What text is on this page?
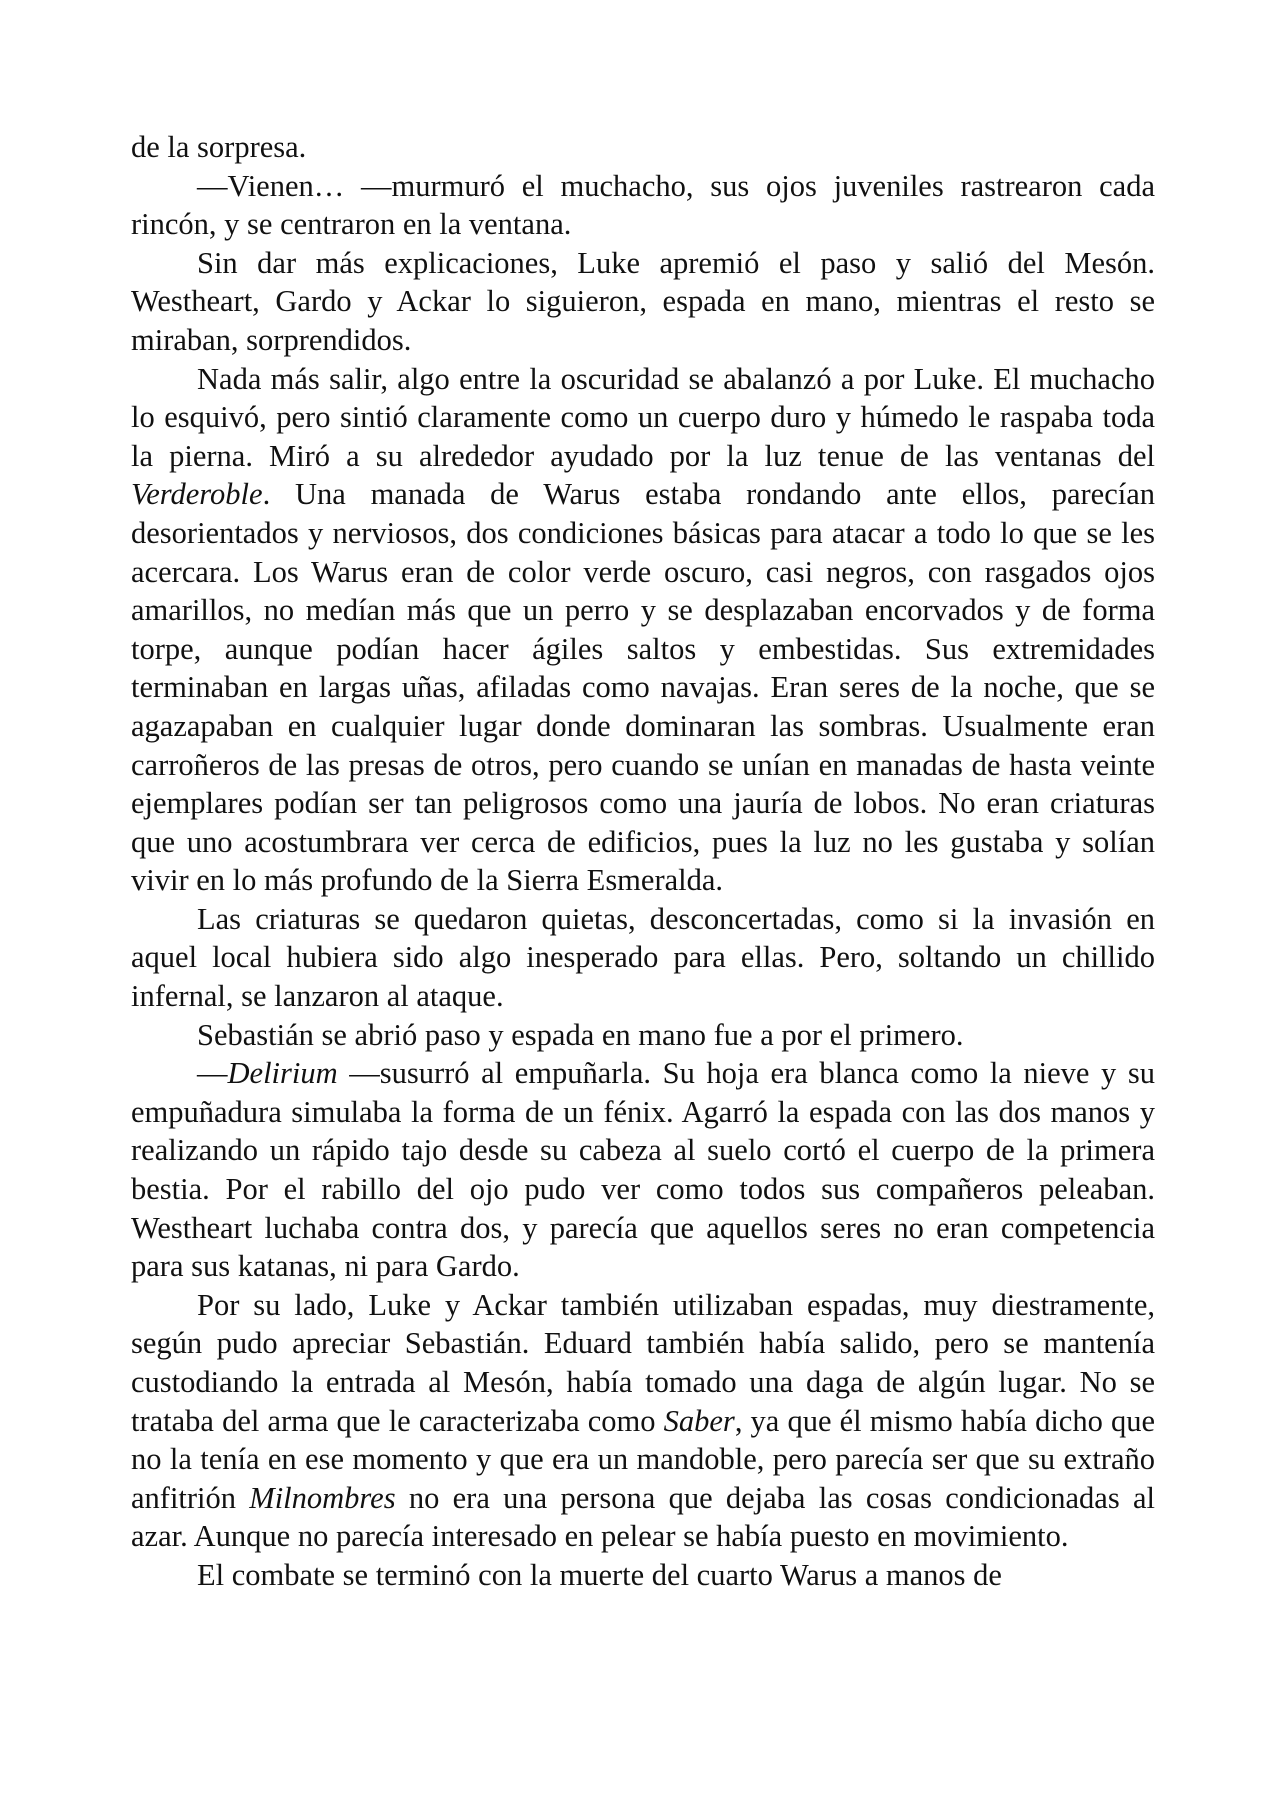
de la sorpresa.

—Vienen… —murmuró el muchacho, sus ojos juveniles rastrearon cada rincón, y se centraron en la ventana.

Sin dar más explicaciones, Luke apremió el paso y salió del Mesón. Westheart, Gardo y Ackar lo siguieron, espada en mano, mientras el resto se miraban, sorprendidos.

Nada más salir, algo entre la oscuridad se abalanzó a por Luke. El muchacho lo esquivó, pero sintió claramente como un cuerpo duro y húmedo le raspaba toda la pierna. Miró a su alrededor ayudado por la luz tenue de las ventanas del Verderoble. Una manada de Warus estaba rondando ante ellos, parecían desorientados y nerviosos, dos condiciones básicas para atacar a todo lo que se les acercara. Los Warus eran de color verde oscuro, casi negros, con rasgados ojos amarillos, no medían más que un perro y se desplazaban encorvados y de forma torpe, aunque podían hacer ágiles saltos y embestidas. Sus extremidades terminaban en largas uñas, afiladas como navajas. Eran seres de la noche, que se agazapaban en cualquier lugar donde dominaran las sombras. Usualmente eran carroñeros de las presas de otros, pero cuando se unían en manadas de hasta veinte ejemplares podían ser tan peligrosos como una jauría de lobos. No eran criaturas que uno acostumbrara ver cerca de edificios, pues la luz no les gustaba y solían vivir en lo más profundo de la Sierra Esmeralda.

Las criaturas se quedaron quietas, desconcertadas, como si la invasión en aquel local hubiera sido algo inesperado para ellas. Pero, soltando un chillido infernal, se lanzaron al ataque.

Sebastián se abrió paso y espada en mano fue a por el primero.

—Delirium —susurró al empuñarla. Su hoja era blanca como la nieve y su empuñadura simulaba la forma de un fénix. Agarró la espada con las dos manos y realizando un rápido tajo desde su cabeza al suelo cortó el cuerpo de la primera bestia. Por el rabillo del ojo pudo ver como todos sus compañeros peleaban. Westheart luchaba contra dos, y parecía que aquellos seres no eran competencia para sus katanas, ni para Gardo.

Por su lado, Luke y Ackar también utilizaban espadas, muy diestramente, según pudo apreciar Sebastián. Eduard también había salido, pero se mantenía custodiando la entrada al Mesón, había tomado una daga de algún lugar. No se trataba del arma que le caracterizaba como Saber, ya que él mismo había dicho que no la tenía en ese momento y que era un mandoble, pero parecía ser que su extraño anfitrión Milnombres no era una persona que dejaba las cosas condicionadas al azar. Aunque no parecía interesado en pelear se había puesto en movimiento.

El combate se terminó con la muerte del cuarto Warus a manos de
